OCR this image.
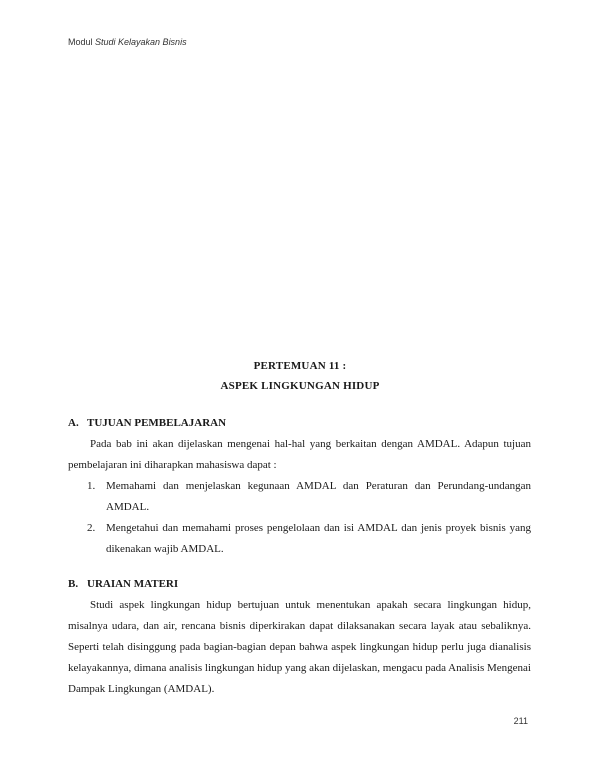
Modul Studi Kelayakan Bisnis
PERTEMUAN 11 :
ASPEK LINGKUNGAN HIDUP
A. TUJUAN PEMBELAJARAN
Pada bab ini akan dijelaskan mengenai hal-hal yang berkaitan dengan AMDAL. Adapun tujuan pembelajaran ini diharapkan mahasiswa dapat :
1. Memahami dan menjelaskan kegunaan AMDAL dan Peraturan dan Perundang-undangan AMDAL.
2. Mengetahui dan memahami proses pengelolaan dan isi AMDAL dan jenis proyek bisnis yang dikenakan wajib AMDAL.
B. URAIAN MATERI
Studi aspek lingkungan hidup bertujuan untuk menentukan apakah secara lingkungan hidup, misalnya udara, dan air, rencana bisnis diperkirakan dapat dilaksanakan secara layak atau sebaliknya. Seperti telah disinggung pada bagian-bagian depan bahwa aspek lingkungan hidup perlu juga dianalisis kelayakannya, dimana analisis lingkungan hidup yang akan dijelaskan, mengacu pada Analisis Mengenai Dampak Lingkungan (AMDAL).
211
